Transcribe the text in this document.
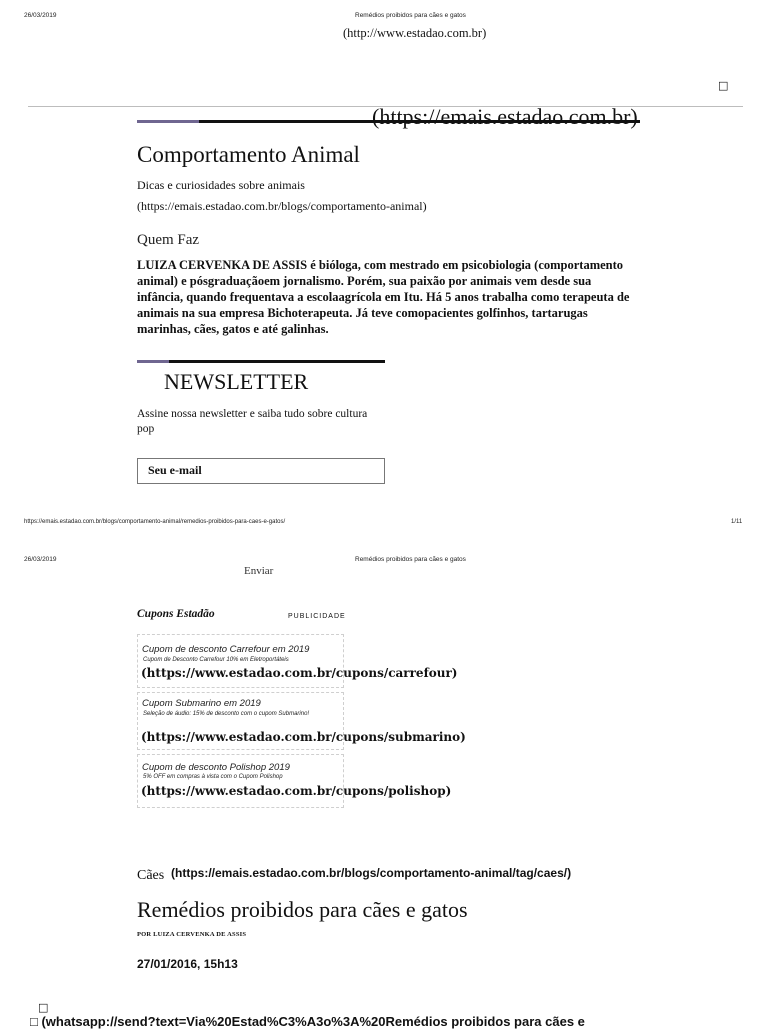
26/03/2019	Remédios proibidos para cães e gatos
(http://www.estadao.com.br)
□
(https://emais.estadao.com.br)
Comportamento Animal
Dicas e curiosidades sobre animais
(https://emais.estadao.com.br/blogs/comportamento-animal)
Quem Faz
LUIZA CERVENKA DE ASSIS é bióloga, com mestrado em psicobiologia (comportamento animal) e pósgraduaçãoem jornalismo. Porém, sua paixão por animais vem desde sua infância, quando frequentava a escolaagrícola em Itu. Há 5 anos trabalha como terapeuta de animais na sua empresa Bichoterapeuta. Já teve comopacientes golfinhos, tartarugas marinhas, cães, gatos e até galinhas.
NEWSLETTER
Assine nossa newsletter e saiba tudo sobre cultura pop
Seu e-mail
https://emais.estadao.com.br/blogs/comportamento-animal/remedios-proibidos-para-caes-e-gatos/	1/11
26/03/2019	Remédios proibidos para cães e gatos
Enviar
Cupons Estadão	PUBLICIDADE
Cupom de desconto Carrefour em 2019
Cupom de Desconto Carrefour 10% em Eletroportáteis
(https://www.estadao.com.br/cupons/carrefour)
Cupom Submarino em 2019
Seleção de áudio: 15% de desconto com o cupom Submarino!
(https://www.estadao.com.br/cupons/submarino)
Cupom de desconto Polishop 2019
5% OFF em compras à vista com o Cupom Polishop
(https://www.estadao.com.br/cupons/polishop)
Cães (https://emais.estadao.com.br/blogs/comportamento-animal/tag/caes/)
Remédios proibidos para cães e gatos
POR LUIZA CERVENKA DE ASSIS
27/01/2016, 15h13
□
□ (whatsapp://send?text=Via%20Estad%C3%A3o%3A%20Remédios proibidos para cães e
